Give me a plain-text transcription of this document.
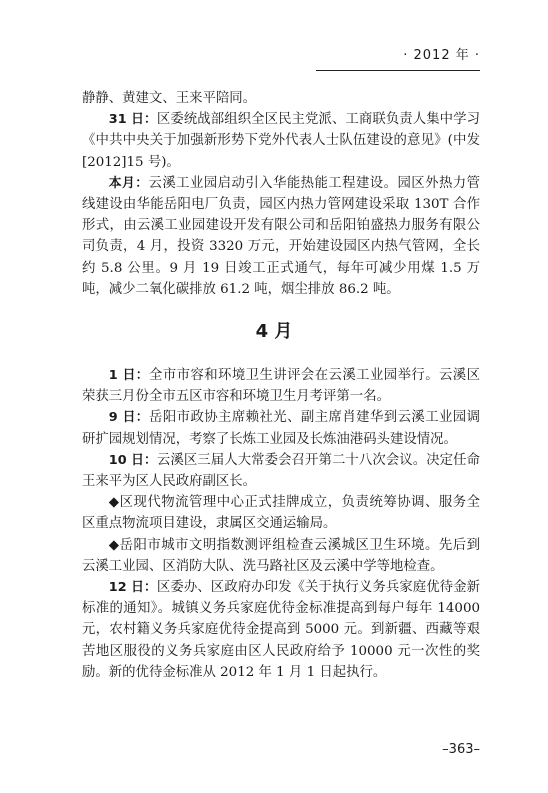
· 2012 年 ·

静静、黄建文、王来平陪同。

31 日：区委统战部组织全区民主党派、工商联负责人集中学习《中共中央关于加强新形势下党外代表人士队伍建设的意见》(中发[2012]15 号)。

本月：云溪工业园启动引入华能热能工程建设。园区外热力管线建设由华能岳阳电厂负责，园区内热力管网建设采取 130T 合作形式，由云溪工业园建设开发有限公司和岳阳铂盛热力服务有限公司负责，4 月，投资 3320 万元，开始建设园区内热气管网，全长约 5.8 公里。9 月 19 日竣工正式通气，每年可减少用煤 1.5 万吨，减少二氧化碳排放 61.2 吨，烟尘排放 86.2 吨。

4 月

1 日：全市市容和环境卫生讲评会在云溪工业园举行。云溪区荣获三月份全市五区市容和环境卫生月考评第一名。

9 日：岳阳市政协主席赖社光、副主席肖建华到云溪工业园调研扩园规划情况，考察了长炼工业园及长炼油港码头建设情况。

10 日：云溪区三届人大常委会召开第二十八次会议。决定任命王来平为区人民政府副区长。

◆区现代物流管理中心正式挂牌成立，负责统筹协调、服务全区重点物流项目建设，隶属区交通运输局。

◆岳阳市城市文明指数测评组检查云溪城区卫生环境。先后到云溪工业园、区消防大队、洗马路社区及云溪中学等地检查。

12 日：区委办、区政府办印发《关于执行义务兵家庭优待金新标准的通知》。城镇义务兵家庭优待金标准提高到每户每年 14000 元，农村籍义务兵家庭优待金提高到 5000 元。到新疆、西藏等艰苦地区服役的义务兵家庭由区人民政府给予 10000 元一次性的奖励。新的优待金标准从 2012 年 1 月 1 日起执行。

–363–
